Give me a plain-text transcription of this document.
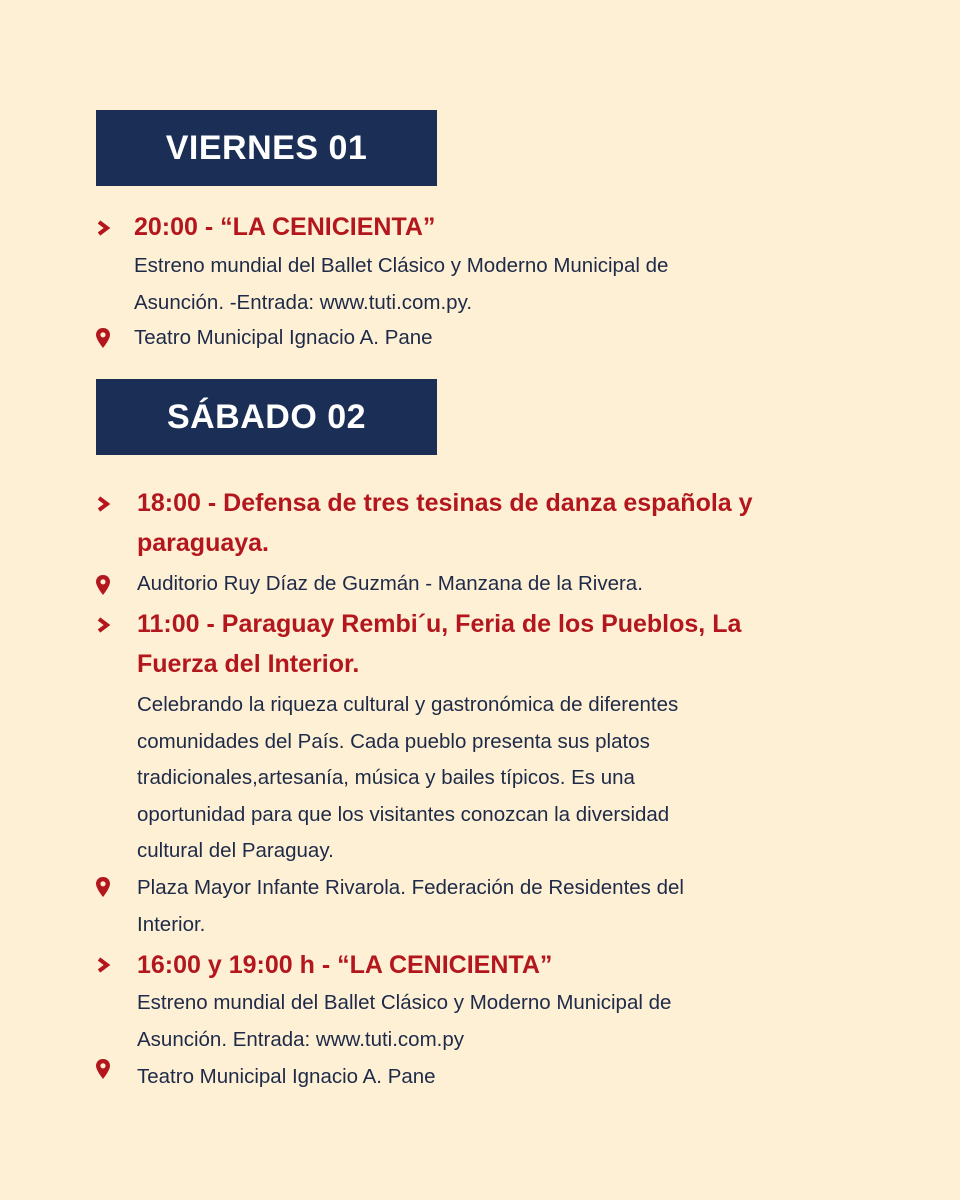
VIERNES 01
20:00 - “LA CENICIENTA”
Estreno mundial del Ballet Clásico y Moderno Municipal de
Asunción. -Entrada: www.tuti.com.py.
Teatro Municipal Ignacio A. Pane
SÁBADO 02
18:00 - Defensa de tres tesinas de danza española y
paraguaya.
Auditorio Ruy Díaz de Guzmán - Manzana de la Rivera.
11:00 - Paraguay Rembi´u, Feria de los Pueblos, La
Fuerza del Interior.
Celebrando la riqueza cultural y gastronómica de diferentes
comunidades del País. Cada pueblo presenta sus platos
tradicionales,artesanía, música y bailes típicos. Es una
oportunidad para que los visitantes conozcan la diversidad
cultural del Paraguay.
Plaza Mayor Infante Rivarola. Federación de Residentes del
Interior.
16:00 y 19:00 h - “LA CENICIENTA”
Estreno mundial del Ballet Clásico y Moderno Municipal de
Asunción. Entrada: www.tuti.com.py
Teatro Municipal Ignacio A. Pane
